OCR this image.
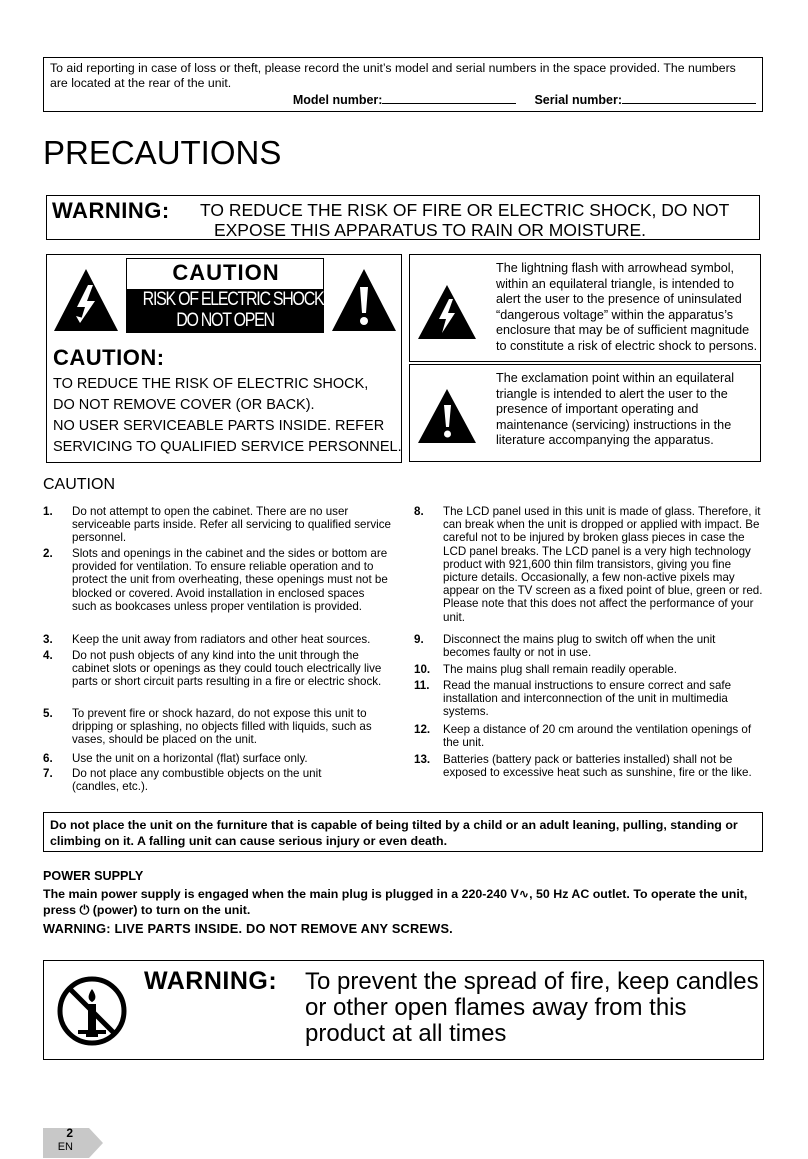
To aid reporting in case of loss or theft, please record the unit’s model and serial numbers in the space provided. The numbers are located at the rear of the unit.
Model number:	Serial number:
PRECAUTIONS
WARNING: TO REDUCE THE RISK OF FIRE OR ELECTRIC SHOCK, DO NOT
EXPOSE THIS APPARATUS TO RAIN OR MOISTURE.
CAUTION
RISK OF ELECTRIC SHOCK
DO NOT OPEN
CAUTION:
TO REDUCE THE RISK OF ELECTRIC SHOCK,
DO NOT REMOVE COVER (OR BACK).
NO USER SERVICEABLE PARTS INSIDE. REFER
SERVICING TO QUALIFIED SERVICE PERSONNEL.
The lightning flash with arrowhead symbol, within an equilateral triangle, is intended to alert the user to the presence of uninsulated “dangerous voltage” within the apparatus’s enclosure that may be of sufficient magnitude to constitute a risk of electric shock to persons.
The exclamation point within an equilateral triangle is intended to alert the user to the presence of important operating and maintenance (servicing) instructions in the literature accompanying the apparatus.
CAUTION
1. Do not attempt to open the cabinet. There are no user serviceable parts inside. Refer all servicing to qualified service personnel.
2. Slots and openings in the cabinet and the sides or bottom are provided for ventilation. To ensure reliable operation and to protect the unit from overheating, these openings must not be blocked or covered. Avoid installation in enclosed spaces such as bookcases unless proper ventilation is provided.
3. Keep the unit away from radiators and other heat sources.
4. Do not push objects of any kind into the unit through the cabinet slots or openings as they could touch electrically live parts or short circuit parts resulting in a fire or electric shock.
5. To prevent fire or shock hazard, do not expose this unit to dripping or splashing, no objects filled with liquids, such as vases, should be placed on the unit.
6. Use the unit on a horizontal (flat) surface only.
7. Do not place any combustible objects on the unit (candles, etc.).
8. The LCD panel used in this unit is made of glass. Therefore, it can break when the unit is dropped or applied with impact. Be careful not to be injured by broken glass pieces in case the LCD panel breaks. The LCD panel is a very high technology product with 921,600 thin film transistors, giving you fine picture details. Occasionally, a few non-active pixels may appear on the TV screen as a fixed point of blue, green or red. Please note that this does not affect the performance of your unit.
9. Disconnect the mains plug to switch off when the unit becomes faulty or not in use.
10. The mains plug shall remain readily operable.
11. Read the manual instructions to ensure correct and safe installation and interconnection of the unit in multimedia systems.
12. Keep a distance of 20 cm around the ventilation openings of the unit.
13. Batteries (battery pack or batteries installed) shall not be exposed to excessive heat such as sunshine, fire or the like.
Do not place the unit on the furniture that is capable of being tilted by a child or an adult leaning, pulling, standing or climbing on it. A falling unit can cause serious injury or even death.
POWER SUPPLY
The main power supply is engaged when the main plug is plugged in a 220-240 V∿, 50 Hz AC outlet. To operate the unit, press ⏻ (power) to turn on the unit.
WARNING: LIVE PARTS INSIDE. DO NOT REMOVE ANY SCREWS.
WARNING: To prevent the spread of fire, keep candles or other open flames away from this product at all times
2
EN
